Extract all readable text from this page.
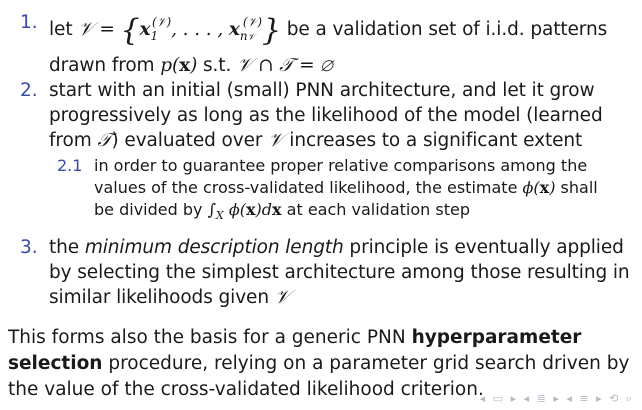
1. let 𝒱 = {$x_1^{(𝒱)}$, . . . , $x_{n𝒱}^{(𝒱)}$} be a validation set of i.i.d. patterns
drawn from p(x) s.t. 𝒱 ∩ 𝒯 = ∅
2. start with an initial (small) PNN architecture, and let it grow
progressively as long as the likelihood of the model (learned
from 𝒯) evaluated over 𝒱 increases to a significant extent
2.1 in order to guarantee proper relative comparisons among the
values of the cross-validated likelihood, the estimate ϕ(x) shall
be divided by $\int_X$ ϕ(x)dx at each validation step
3. the minimum description length principle is eventually applied
by selecting the simplest architecture among those resulting in
similar likelihoods given 𝒱
This forms also the basis for a generic PNN hyperparameter
selection procedure, relying on a parameter grid search driven by
the value of the cross-validated likelihood criterion.
◂ ▭ ▸ ◂ ≣ ▸ ◂ ≡ ▸ ⟲ ⌕
